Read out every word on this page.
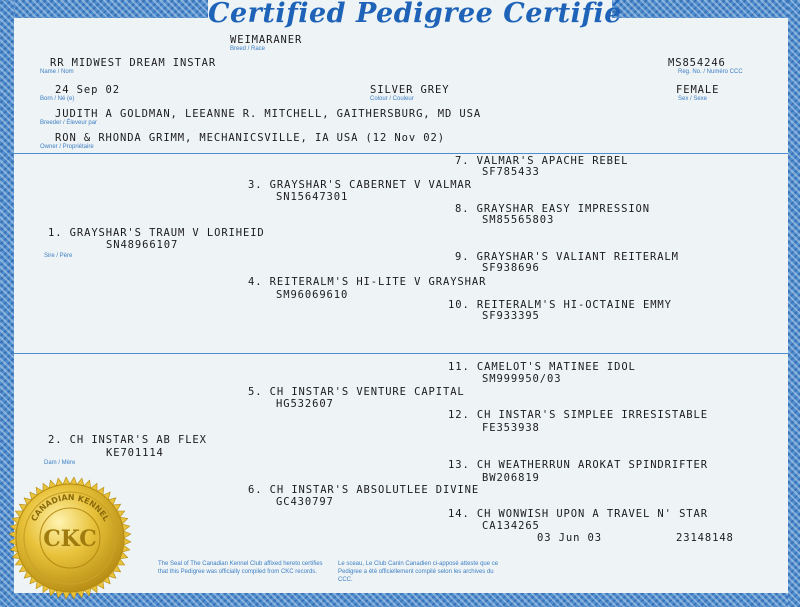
Certified Pedigree Certifié
WEIMARANER
Breed / Race
RR MIDWEST DREAM INSTAR
Name / Nom
MS854246
Reg. No. / Numéro CCC
24 Sep 02
Born / Né (e)
SILVER GREY
Colour / Couleur
FEMALE
Sex / Sexe
JUDITH A GOLDMAN, LEEANNE R. MITCHELL, GAITHERSBURG, MD USA
Breeder / Éleveur par
RON & RHONDA GRIMM, MECHANICSVILLE, IA USA (12 Nov 02)
Owner / Propriétaire
7. VALMAR'S APACHE REBEL
SF785433
8. GRAYSHAR EASY IMPRESSION
SM85565803
9. GRAYSHAR'S VALIANT REITERALM
SF938696
10. REITERALM'S HI-OCTAINE EMMY
SF933395
11. CAMELOT'S MATINEE IDOL
SM999950/03
12. CH INSTAR'S SIMPLEE IRRESISTABLE
FE353938
13. CH WEATHERRUN AROKAT SPINDRIFTER
BW206819
14. CH WONWISH UPON A TRAVEL N' STAR
CA134265
3. GRAYSHAR'S CABERNET V VALMAR
SN15647301
4. REITERALM'S HI-LITE V GRAYSHAR
SM96069610
5. CH INSTAR'S VENTURE CAPITAL
HG532607
6. CH INSTAR'S ABSOLUTLEE DIVINE
GC430797
1. GRAYSHAR'S TRAUM V LORIHEID
SN48966107
Sire / Père
2. CH INSTAR'S AB FLEX
KE701114
Dam / Mère
03 Jun 03	23148148
The Seal of The Canadian Kennel Club affixed hereto certifies that this Pedigree was officially compiled from CKC records.
Le sceau, Le Club Canin Canadien ci-apposé atteste que ce Pedigree a été officiellement compilé selon les archives du CCC.
CANADIAN KENNEL
CKC
